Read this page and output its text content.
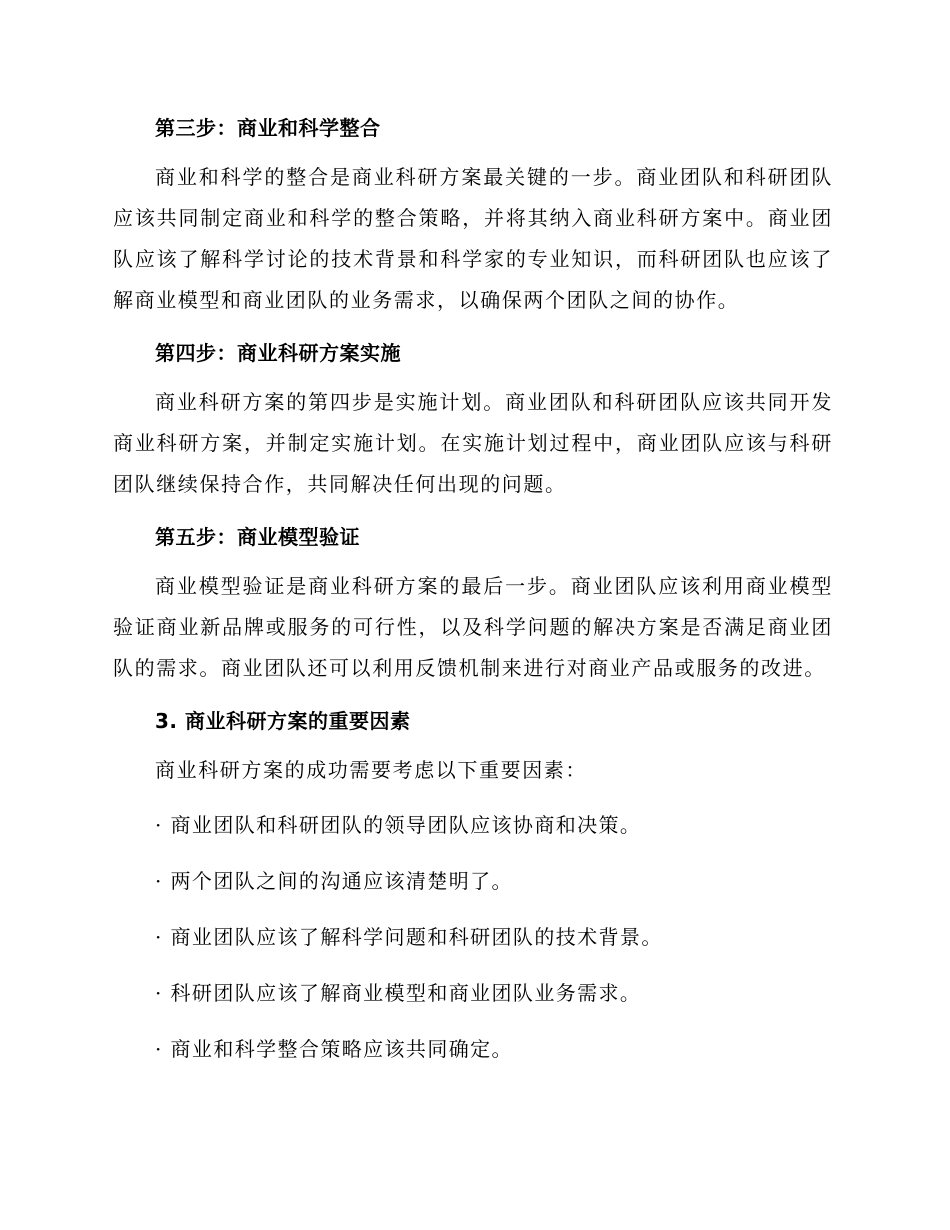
第三步：商业和科学整合

商业和科学的整合是商业科研方案最关键的一步。商业团队和科研团队应该共同制定商业和科学的整合策略，并将其纳入商业科研方案中。商业团队应该了解科学讨论的技术背景和科学家的专业知识，而科研团队也应该了解商业模型和商业团队的业务需求，以确保两个团队之间的协作。

第四步：商业科研方案实施

商业科研方案的第四步是实施计划。商业团队和科研团队应该共同开发商业科研方案，并制定实施计划。在实施计划过程中，商业团队应该与科研团队继续保持合作，共同解决任何出现的问题。

第五步：商业模型验证

商业模型验证是商业科研方案的最后一步。商业团队应该利用商业模型验证商业新品牌或服务的可行性，以及科学问题的解决方案是否满足商业团队的需求。商业团队还可以利用反馈机制来进行对商业产品或服务的改进。

3. 商业科研方案的重要因素

商业科研方案的成功需要考虑以下重要因素：

· 商业团队和科研团队的领导团队应该协商和决策。
· 两个团队之间的沟通应该清楚明了。
· 商业团队应该了解科学问题和科研团队的技术背景。
· 科研团队应该了解商业模型和商业团队业务需求。
· 商业和科学整合策略应该共同确定。
